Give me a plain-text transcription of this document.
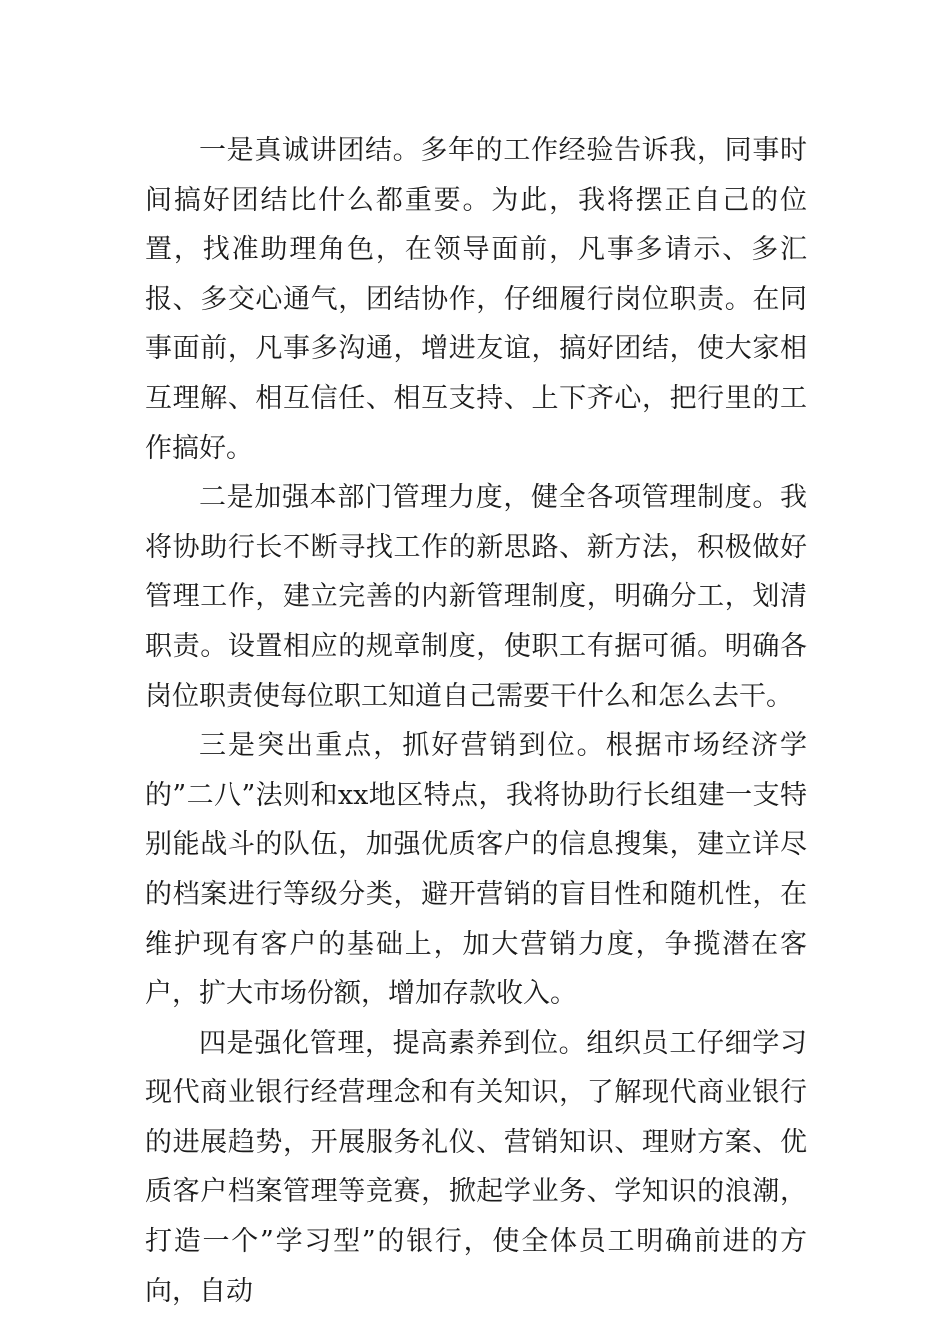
一是真诚讲团结。多年的工作经验告诉我，同事时间搞好团结比什么都重要。为此，我将摆正自己的位置，找准助理角色，在领导面前，凡事多请示、多汇报、多交心通气，团结协作，仔细履行岗位职责。在同事面前，凡事多沟通，增进友谊，搞好团结，使大家相互理解、相互信任、相互支持、上下齐心，把行里的工作搞好。

二是加强本部门管理力度，健全各项管理制度。我将协助行长不断寻找工作的新思路、新方法，积极做好管理工作，建立完善的内新管理制度，明确分工，划清职责。设置相应的规章制度，使职工有据可循。明确各岗位职责使每位职工知道自己需要干什么和怎么去干。

三是突出重点，抓好营销到位。根据市场经济学的”二八”法则和xx地区特点，我将协助行长组建一支特别能战斗的队伍，加强优质客户的信息搜集，建立详尽的档案进行等级分类，避开营销的盲目性和随机性，在维护现有客户的基础上，加大营销力度，争揽潜在客户，扩大市场份额，增加存款收入。

四是强化管理，提高素养到位。组织员工仔细学习现代商业银行经营理念和有关知识，了解现代商业银行的进展趋势，开展服务礼仪、营销知识、理财方案、优质客户档案管理等竞赛，掀起学业务、学知识的浪潮，打造一个”学习型”的银行，使全体员工明确前进的方向，自动
